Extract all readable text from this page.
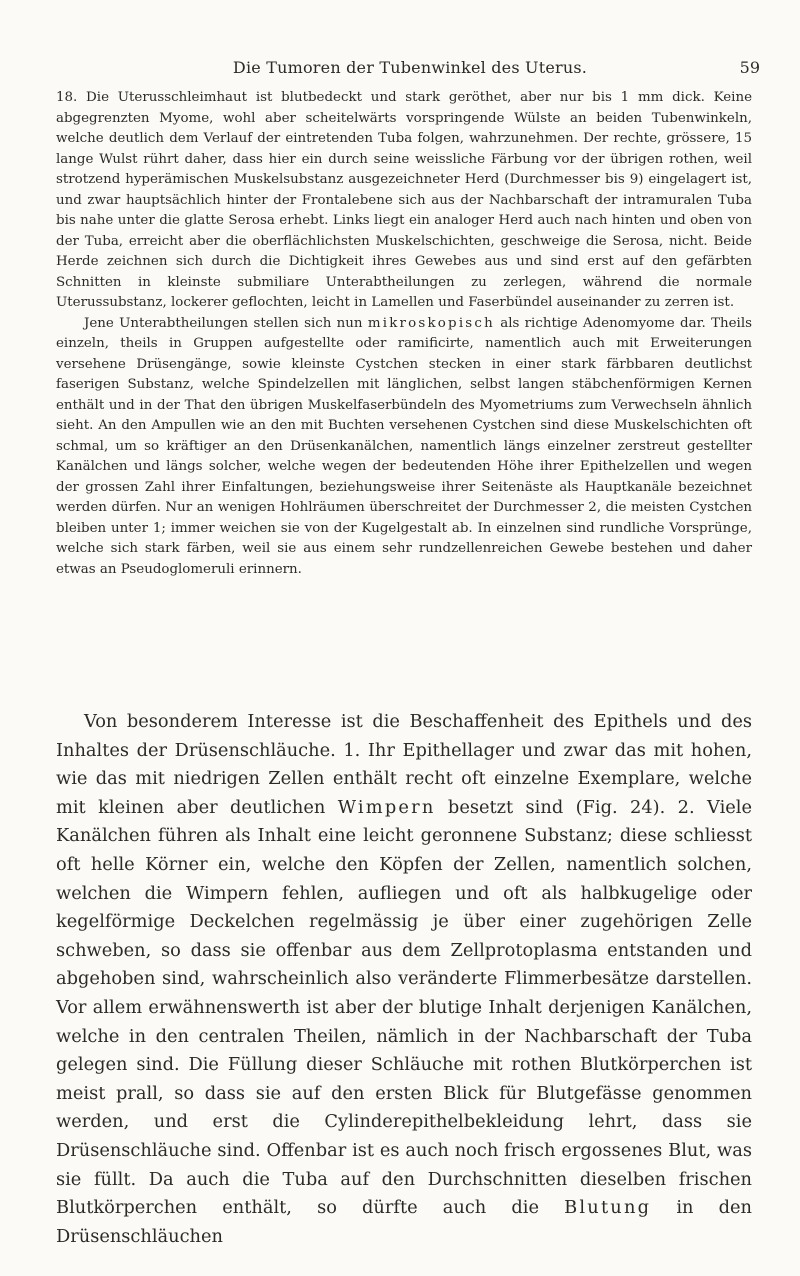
Die Tumoren der Tubenwinkel des Uterus.	59

18. Die Uterusschleimhaut ist blutbedeckt und stark geröthet, aber nur bis 1 mm dick. Keine abgegrenzten Myome, wohl aber scheitelwärts vorspringende Wülste an beiden Tubenwinkeln, welche deutlich dem Verlauf der eintretenden Tuba folgen, wahrzunehmen. Der rechte, grössere, 15 lange Wulst rührt daher, dass hier ein durch seine weissliche Färbung vor der übrigen rothen, weil strotzend hyperämischen Muskelsubstanz ausgezeichneter Herd (Durchmesser bis 9) eingelagert ist, und zwar hauptsächlich hinter der Frontalebene sich aus der Nachbarschaft der intramuralen Tuba bis nahe unter die glatte Serosa erhebt. Links liegt ein analoger Herd auch nach hinten und oben von der Tuba, erreicht aber die oberflächlichsten Muskelschichten, geschweige die Serosa, nicht. Beide Herde zeichnen sich durch die Dichtigkeit ihres Gewebes aus und sind erst auf den gefärbten Schnitten in kleinste submiliare Unterabtheilungen zu zerlegen, während die normale Uterussubstanz, lockerer geflochten, leicht in Lamellen und Faserbündel auseinander zu zerren ist.

Jene Unterabtheilungen stellen sich nun mikroskopisch als richtige Adenomyome dar. Theils einzeln, theils in Gruppen aufgestellte oder ramificirte, namentlich auch mit Erweiterungen versehene Drüsengänge, sowie kleinste Cystchen stecken in einer stark färbbaren deutlichst faserigen Substanz, welche Spindelzellen mit länglichen, selbst langen stäbchenförmigen Kernen enthält und in der That den übrigen Muskelfaserbündeln des Myometriums zum Verwechseln ähnlich sieht. An den Ampullen wie an den mit Buchten versehenen Cystchen sind diese Muskelschichten oft schmal, um so kräftiger an den Drüsenkanälchen, namentlich längs einzelner zerstreut gestellter Kanälchen und längs solcher, welche wegen der bedeutenden Höhe ihrer Epithelzellen und wegen der grossen Zahl ihrer Einfaltungen, beziehungsweise ihrer Seitenäste als Hauptkanäle bezeichnet werden dürfen. Nur an wenigen Hohlräumen überschreitet der Durchmesser 2, die meisten Cystchen bleiben unter 1; immer weichen sie von der Kugelgestalt ab. In einzelnen sind rundliche Vorsprünge, welche sich stark färben, weil sie aus einem sehr rundzellenreichen Gewebe bestehen und daher etwas an Pseudoglomeruli erinnern.

Von besonderem Interesse ist die Beschaffenheit des Epithels und des Inhaltes der Drüsenschläuche. 1. Ihr Epithellager und zwar das mit hohen, wie das mit niedrigen Zellen enthält recht oft einzelne Exemplare, welche mit kleinen aber deutlichen Wimpern besetzt sind (Fig. 24). 2. Viele Kanälchen führen als Inhalt eine leicht geronnene Substanz; diese schliesst oft helle Körner ein, welche den Köpfen der Zellen, namentlich solchen, welchen die Wimpern fehlen, aufliegen und oft als halbkugelige oder kegelförmige Deckelchen regelmässig je über einer zugehörigen Zelle schweben, so dass sie offenbar aus dem Zellprotoplasma entstanden und abgehoben sind, wahrscheinlich also veränderte Flimmerbesätze darstellen. Vor allem erwähnenswerth ist aber der blutige Inhalt derjenigen Kanälchen, welche in den centralen Theilen, nämlich in der Nachbarschaft der Tuba gelegen sind. Die Füllung dieser Schläuche mit rothen Blutkörperchen ist meist prall, so dass sie auf den ersten Blick für Blutgefässe genommen werden, und erst die Cylinderepithelbekleidung lehrt, dass sie Drüsenschläuche sind. Offenbar ist es auch noch frisch ergossenes Blut, was sie füllt. Da auch die Tuba auf den Durchschnitten dieselben frischen Blutkörperchen enthält, so dürfte auch die Blutung in den Drüsenschläuchen
